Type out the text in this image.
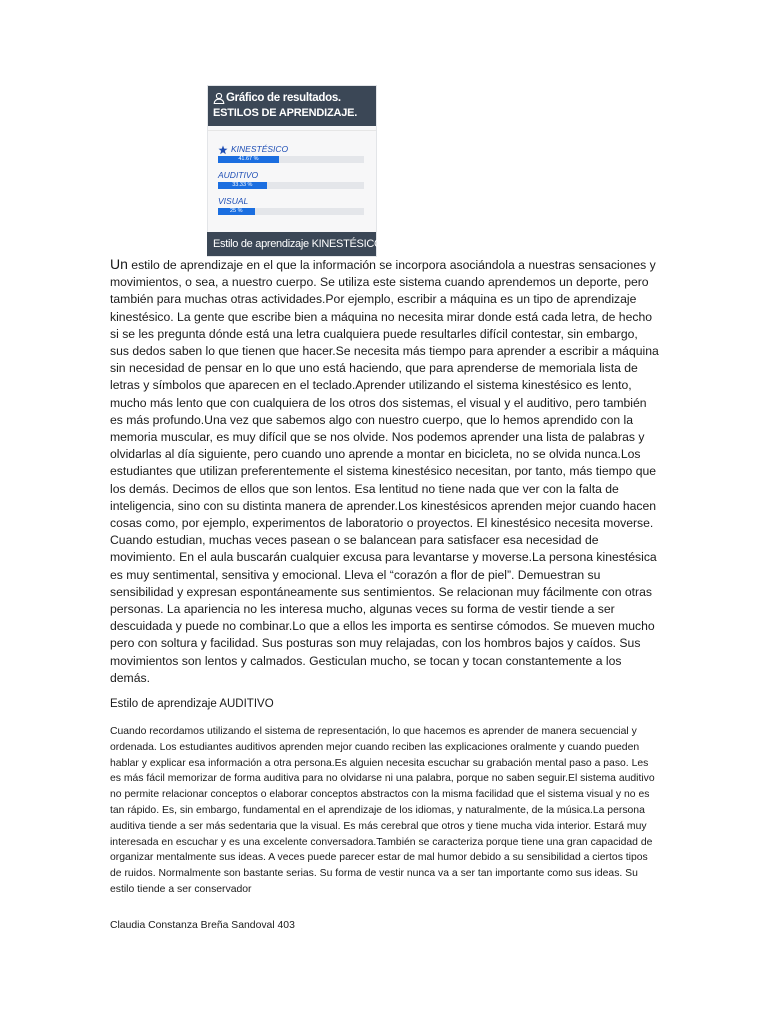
Gráfico de resultados.
ESTILOS DE APRENDIZAJE.
KINESTÉSICO
41.67 %
AUDITIVO
33.33 %
VISUAL
25 %
Estilo de aprendizaje KINESTÉSICO

Un estilo de aprendizaje en el que la información se incorpora asociándola a nuestras sensaciones y movimientos, o sea, a nuestro cuerpo. Se utiliza este sistema cuando aprendemos un deporte, pero también para muchas otras actividades.Por ejemplo, escribir a máquina es un tipo de aprendizaje kinestésico. La gente que escribe bien a máquina no necesita mirar donde está cada letra, de hecho si se les pregunta dónde está una letra cualquiera puede resultarles difícil contestar, sin embargo, sus dedos saben lo que tienen que hacer.Se necesita más tiempo para aprender a escribir a máquina sin necesidad de pensar en lo que uno está haciendo, que para aprenderse de memoriala lista de letras y símbolos que aparecen en el teclado.Aprender utilizando el sistema kinestésico es lento, mucho más lento que con cualquiera de los otros dos sistemas, el visual y el auditivo, pero también es más profundo.Una vez que sabemos algo con nuestro cuerpo, que lo hemos aprendido con la memoria muscular, es muy difícil que se nos olvide. Nos podemos aprender una lista de palabras y olvidarlas al día siguiente, pero cuando uno aprende a montar en bicicleta, no se olvida nunca.Los estudiantes que utilizan preferentemente el sistema kinestésico necesitan, por tanto, más tiempo que los demás. Decimos de ellos que son lentos. Esa lentitud no tiene nada que ver con la falta de inteligencia, sino con su distinta manera de aprender.Los kinestésicos aprenden mejor cuando hacen cosas como, por ejemplo, experimentos de laboratorio o proyectos. El kinestésico necesita moverse. Cuando estudian, muchas veces pasean o se balancean para satisfacer esa necesidad de movimiento. En el aula buscarán cualquier excusa para levantarse y moverse.La persona kinestésica es muy sentimental, sensitiva y emocional. Lleva el “corazón a flor de piel”. Demuestran su sensibilidad y expresan espontáneamente sus sentimientos. Se relacionan muy fácilmente con otras personas. La apariencia no les interesa mucho, algunas veces su forma de vestir tiende a ser descuidada y puede no combinar.Lo que a ellos les importa es sentirse cómodos. Se mueven mucho pero con soltura y facilidad. Sus posturas son muy relajadas, con los hombros bajos y caídos. Sus movimientos son lentos y calmados. Gesticulan mucho, se tocan y tocan constantemente a los demás.

Estilo de aprendizaje AUDITIVO

Cuando recordamos utilizando el sistema de representación, lo que hacemos es aprender de manera secuencial y ordenada. Los estudiantes auditivos aprenden mejor cuando reciben las explicaciones oralmente y cuando pueden hablar y explicar esa información a otra persona.Es alguien necesita escuchar su grabación mental paso a paso. Les es más fácil memorizar de forma auditiva para no olvidarse ni una palabra, porque no saben seguir.El sistema auditivo no permite relacionar conceptos o elaborar conceptos abstractos con la misma facilidad que el sistema visual y no es tan rápido. Es, sin embargo, fundamental en el aprendizaje de los idiomas, y naturalmente, de la música.La persona auditiva tiende a ser más sedentaria que la visual. Es más cerebral que otros y tiene mucha vida interior. Estará muy interesada en escuchar y es una excelente conversadora.También se caracteriza porque tiene una gran capacidad de organizar mentalmente sus ideas. A veces puede parecer estar de mal humor debido a su sensibilidad a ciertos tipos de ruidos. Normalmente son bastante serias. Su forma de vestir nunca va a ser tan importante como sus ideas. Su estilo tiende a ser conservador

Claudia Constanza Breña Sandoval 403
